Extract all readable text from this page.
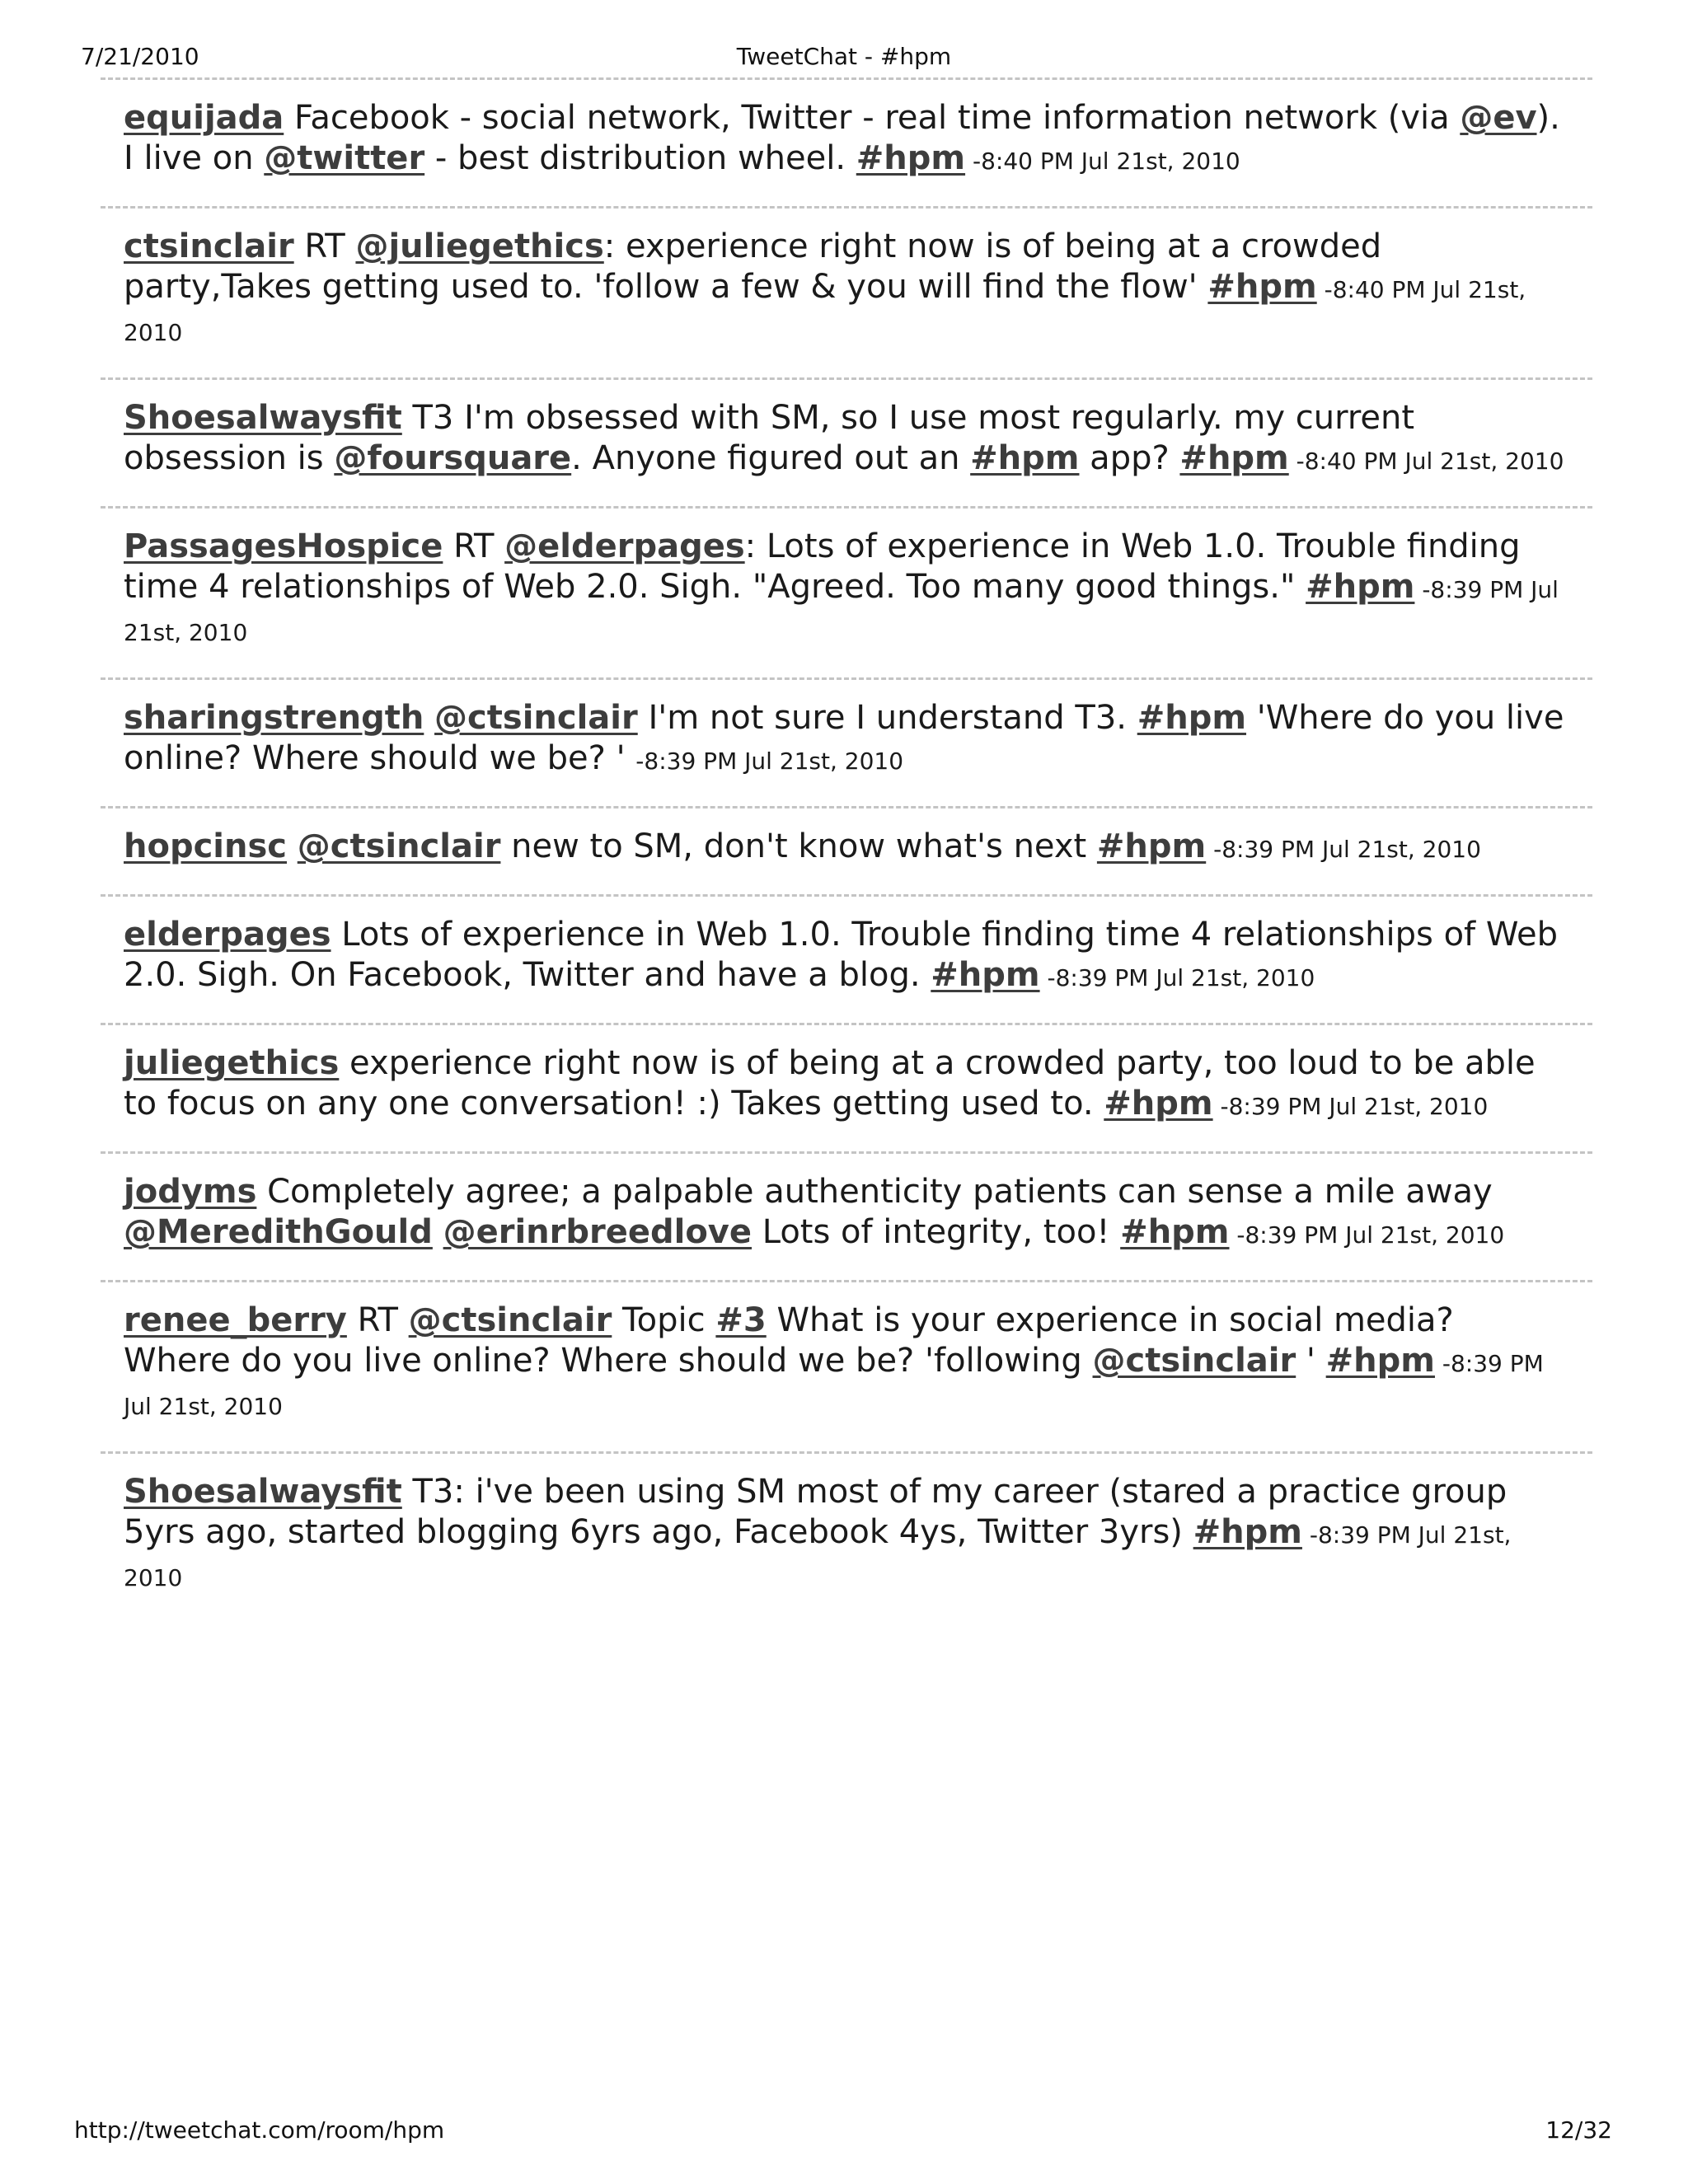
7/21/2010	TweetChat - #hpm
equijada Facebook - social network, Twitter - real time information network (via @ev). I live on @twitter - best distribution wheel. #hpm -8:40 PM Jul 21st, 2010
ctsinclair RT @juliegethics: experience right now is of being at a crowded party,Takes getting used to. 'follow a few & you will find the flow' #hpm -8:40 PM Jul 21st, 2010
Shoesalwaysfit T3 I'm obsessed with SM, so I use most regularly. my current obsession is @foursquare. Anyone figured out an #hpm app? #hpm -8:40 PM Jul 21st, 2010
PassagesHospice RT @elderpages: Lots of experience in Web 1.0. Trouble finding time 4 relationships of Web 2.0. Sigh. "Agreed. Too many good things." #hpm -8:39 PM Jul 21st, 2010
sharingstrength @ctsinclair I'm not sure I understand T3. #hpm 'Where do you live online? Where should we be? ' -8:39 PM Jul 21st, 2010
hopcinsc @ctsinclair new to SM, don't know what's next #hpm -8:39 PM Jul 21st, 2010
elderpages Lots of experience in Web 1.0. Trouble finding time 4 relationships of Web 2.0. Sigh. On Facebook, Twitter and have a blog. #hpm -8:39 PM Jul 21st, 2010
juliegethics experience right now is of being at a crowded party, too loud to be able to focus on any one conversation! :) Takes getting used to. #hpm -8:39 PM Jul 21st, 2010
jodyms Completely agree; a palpable authenticity patients can sense a mile away @MeredithGould @erinrbreedlove Lots of integrity, too! #hpm -8:39 PM Jul 21st, 2010
renee_berry RT @ctsinclair Topic #3 What is your experience in social media? Where do you live online? Where should we be? 'following @ctsinclair ' #hpm -8:39 PM Jul 21st, 2010
Shoesalwaysfit T3: i've been using SM most of my career (stared a practice group 5yrs ago, started blogging 6yrs ago, Facebook 4ys, Twitter 3yrs) #hpm -8:39 PM Jul 21st, 2010
http://tweetchat.com/room/hpm	12/32
